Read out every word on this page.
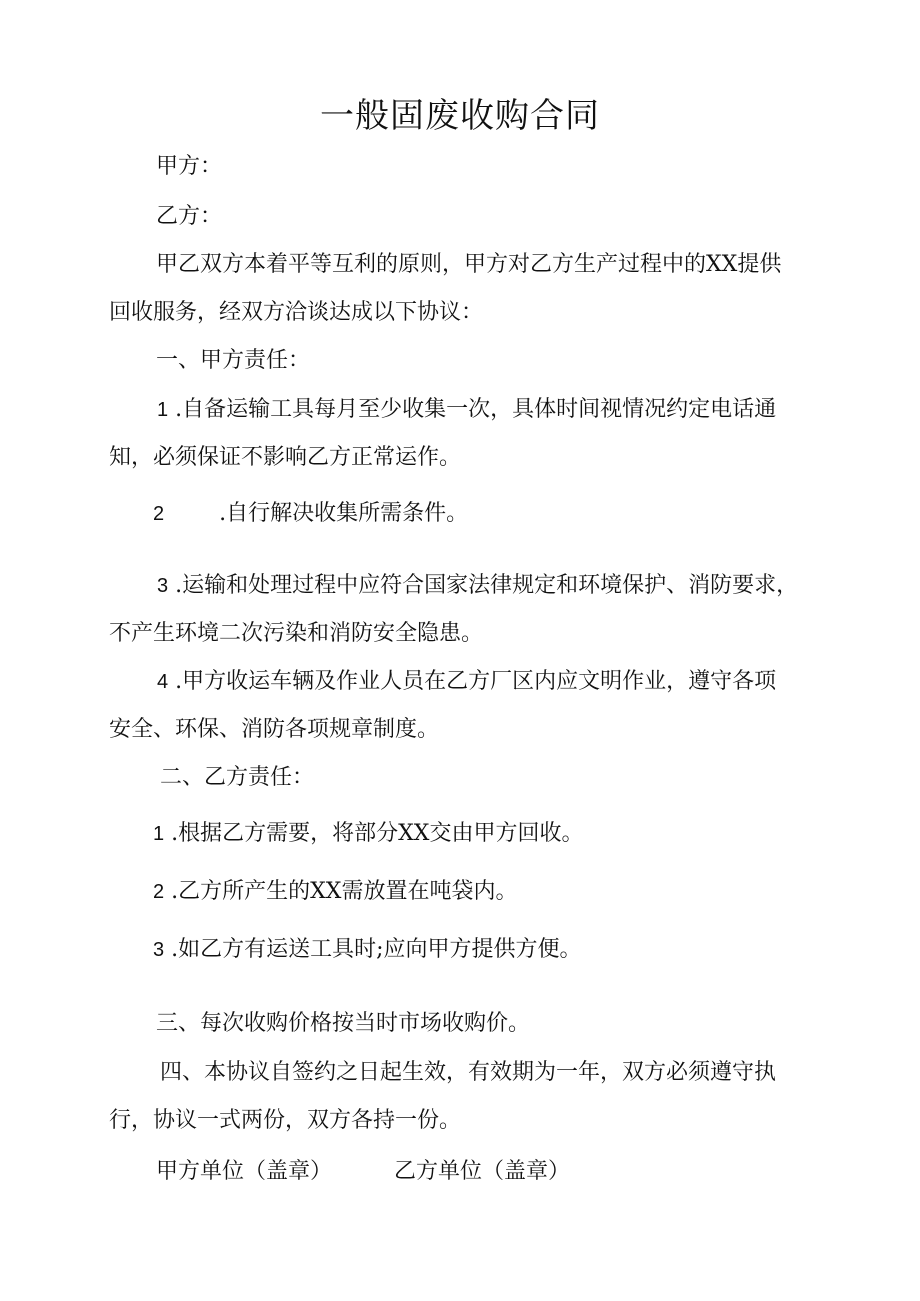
一般固废收购合同
甲方：
乙方：
甲乙双方本着平等互利的原则，甲方对乙方生产过程中的XX提供
回收服务，经双方洽谈达成以下协议：
一、甲方责任：
1 .自备运输工具每月至少收集一次，具体时间视情况约定电话通
知，必须保证不影响乙方正常运作。
2	.自行解决收集所需条件。
3 .运输和处理过程中应符合国家法律规定和环境保护、消防要求，
不产生环境二次污染和消防安全隐患。
4 .甲方收运车辆及作业人员在乙方厂区内应文明作业，遵守各项
安全、环保、消防各项规章制度。
二、乙方责任：
1 .根据乙方需要，将部分XX交由甲方回收。
2 .乙方所产生的XX需放置在吨袋内。
3 .如乙方有运送工具时;应向甲方提供方便。
三、每次收购价格按当时市场收购价。
四、本协议自签约之日起生效，有效期为一年，双方必须遵守执
行，协议一式两份，双方各持一份。
甲方单位（盖章）	乙方单位（盖章）
